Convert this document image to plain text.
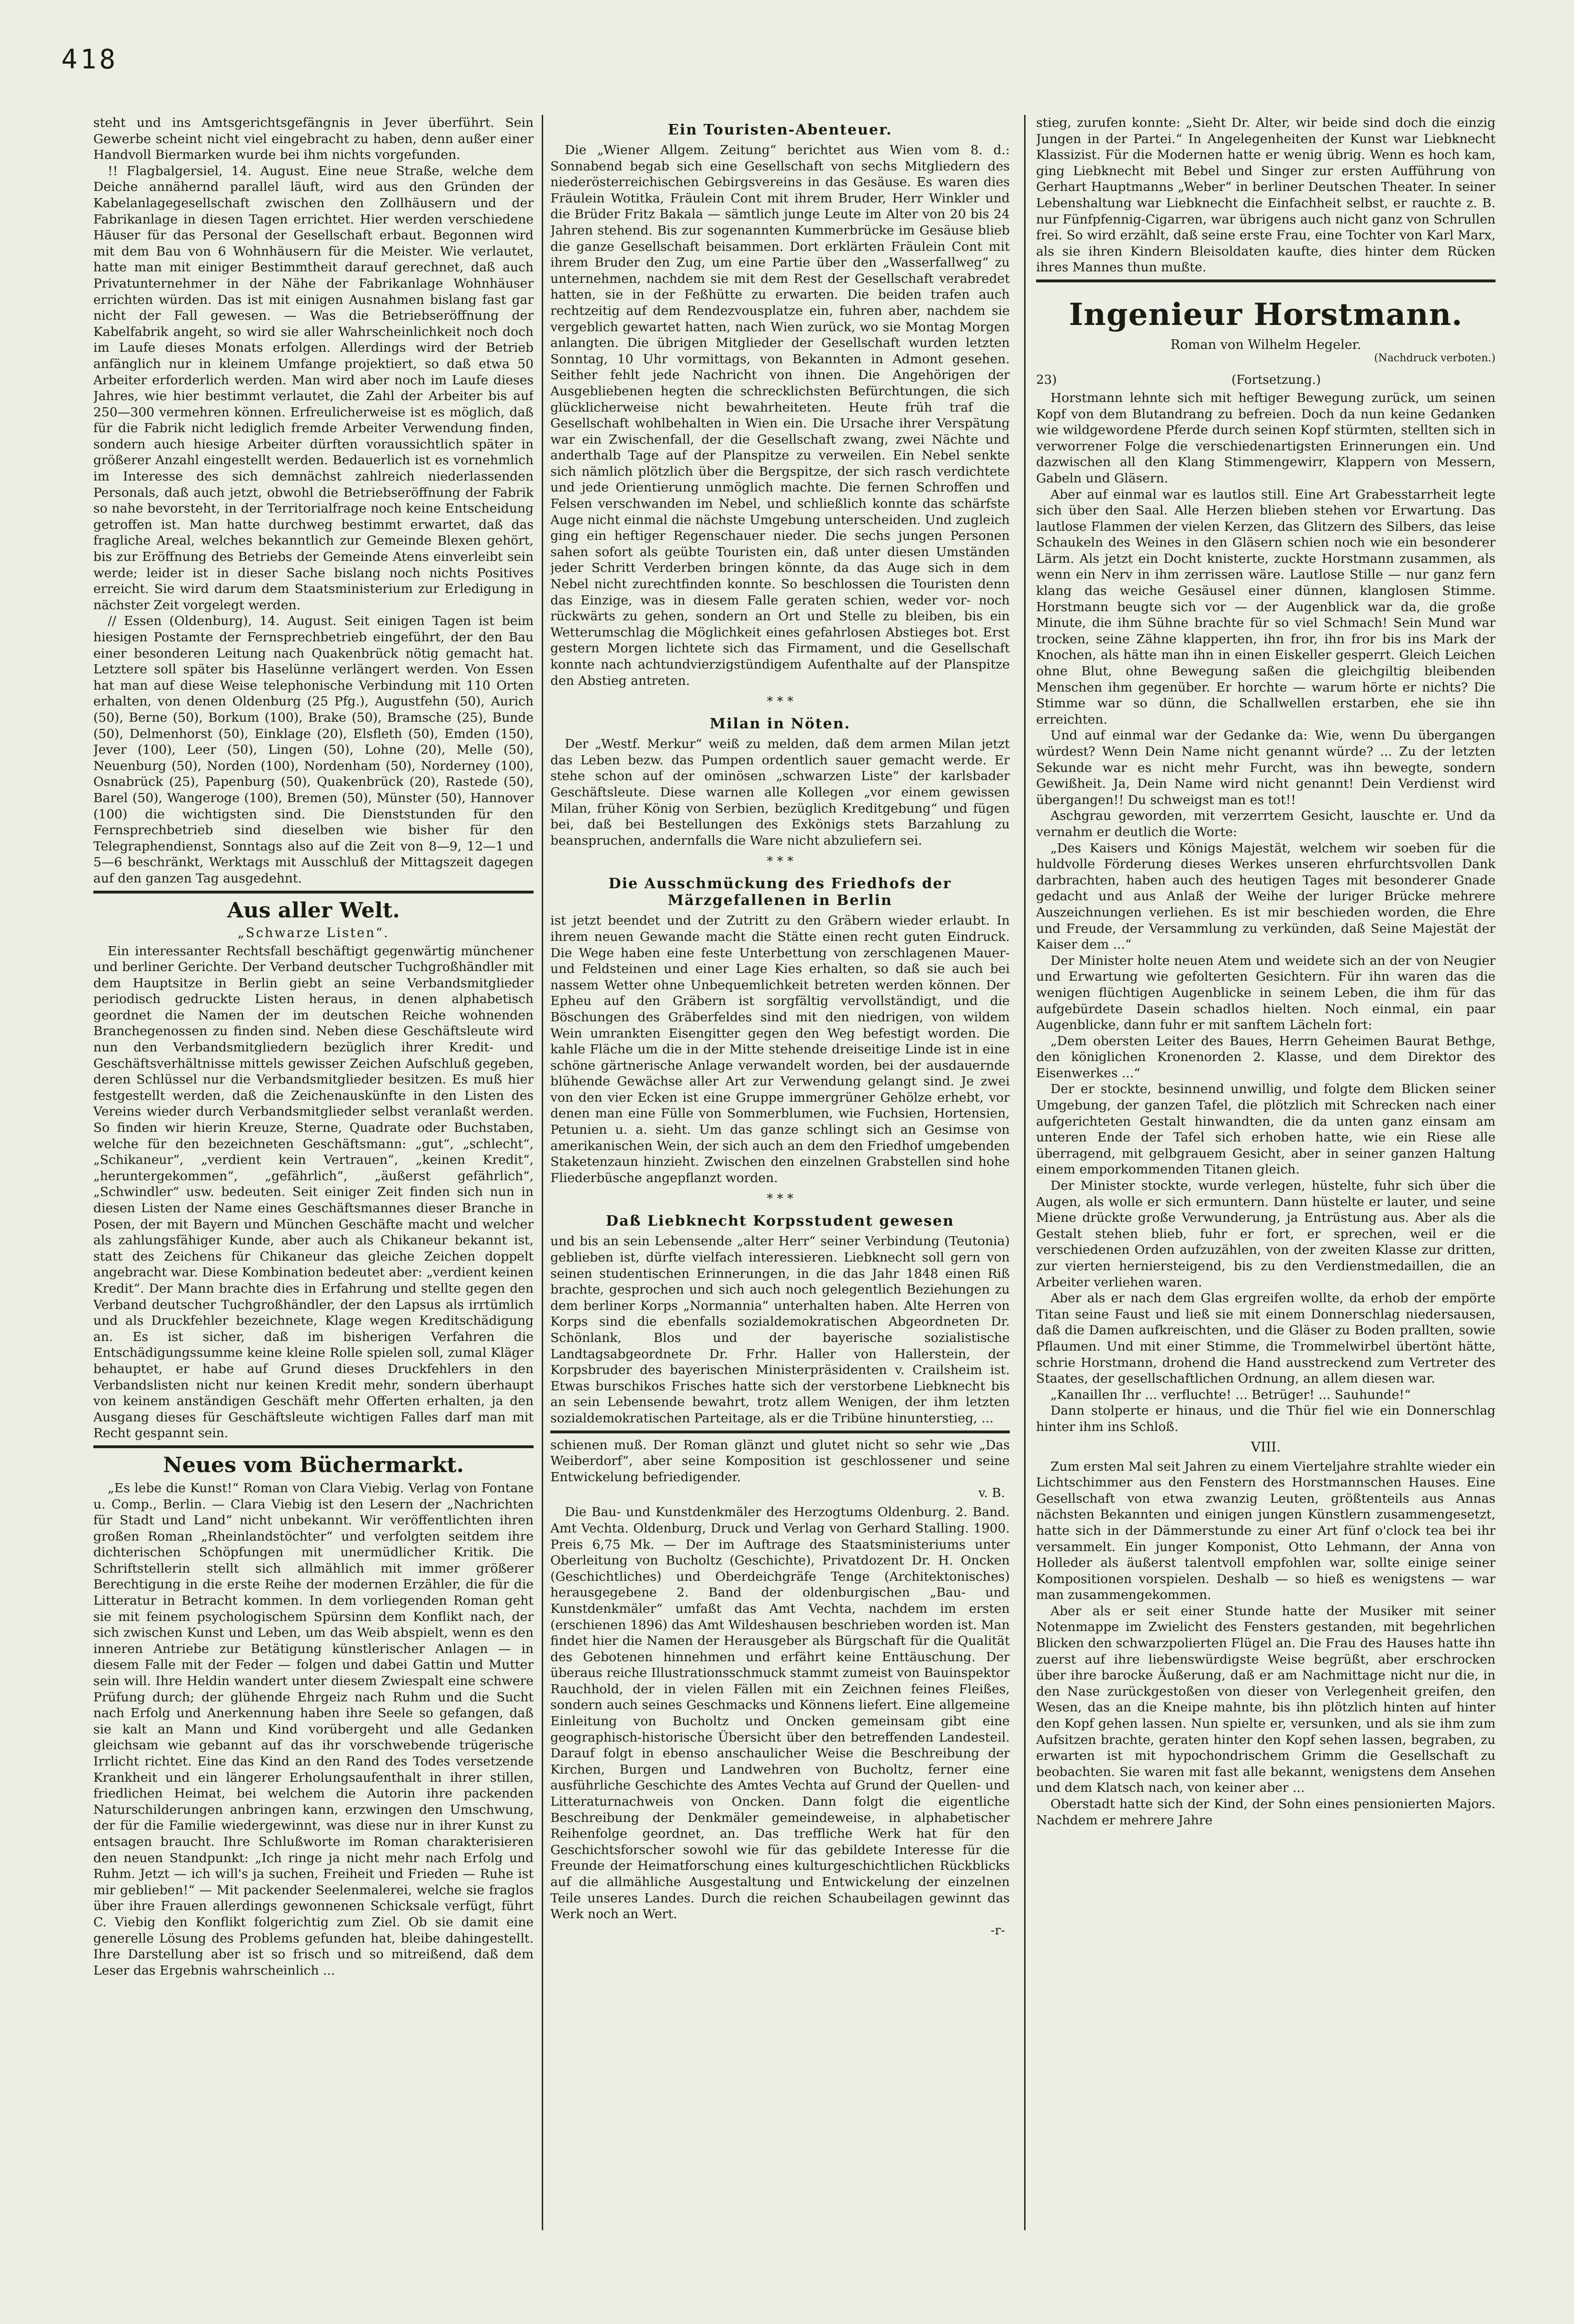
418

steht und ins Amtsgerichtsgefängnis in Jever überführt. Sein Gewerbe scheint nicht viel eingebracht zu haben, denn außer einer Handvoll Biermarken wurde bei ihm nichts vorgefunden.

!! Flagbalgersiel, 14. August. Eine neue Straße, welche dem Deiche annähernd parallel läuft, wird aus den Gründen der Kabelanlagegesellschaft zwischen den Zollhäusern und der Fabrikanlage in diesen Tagen errichtet. Hier werden verschiedene Häuser für das Personal der Gesellschaft erbaut. Begonnen wird mit dem Bau von 6 Wohnhäusern für die Meister. Wie verlautet, hatte man mit einiger Bestimmtheit darauf gerechnet, daß auch Privatunternehmer in der Nähe der Fabrikanlage Wohnhäuser errichten würden. Das ist mit einigen Ausnahmen bislang fast gar nicht der Fall gewesen. — Was die Betriebseröffnung der Kabelfabrik angeht, so wird sie aller Wahrscheinlichkeit noch doch im Laufe dieses Monats erfolgen. Allerdings wird der Betrieb anfänglich nur in kleinem Umfange projektiert, so daß etwa 50 Arbeiter erforderlich werden. Man wird aber noch im Laufe dieses Jahres, wie hier bestimmt verlautet, die Zahl der Arbeiter bis auf 250—300 vermehren können. Erfreulicherweise ist es möglich, daß für die Fabrik nicht lediglich fremde Arbeiter Verwendung finden, sondern auch hiesige Arbeiter dürften voraussichtlich später in größerer Anzahl eingestellt werden. Bedauerlich ist es vornehmlich im Interesse des sich demnächst zahlreich niederlassenden Personals, daß auch jetzt, obwohl die Betriebseröffnung der Fabrik so nahe bevorsteht, in der Territorialfrage noch keine Entscheidung getroffen ist. Man hatte durchweg bestimmt erwartet, daß das fragliche Areal, welches bekanntlich zur Gemeinde Blexen gehört, bis zur Eröffnung des Betriebs der Gemeinde Atens einverleibt sein werde; leider ist in dieser Sache bislang noch nichts Positives erreicht. Sie wird darum dem Staatsministerium zur Erledigung in nächster Zeit vorgelegt werden.

// Essen (Oldenburg), 14. August. Seit einigen Tagen ist beim hiesigen Postamte der Fernsprechbetrieb eingeführt, der den Bau einer besonderen Leitung nach Quakenbrück nötig gemacht hat. Letztere soll später bis Haselünne verlängert werden. Von Essen hat man auf diese Weise telephonische Verbindung mit 110 Orten erhalten, von denen Oldenburg (25 Pfg.), Augustfehn (50), Aurich (50), Berne (50), Borkum (100), Brake (50), Bramsche (25), Bunde (50), Delmenhorst (50), Einklage (20), Elsfleth (50), Emden (150), Jever (100), Leer (50), Lingen (50), Lohne (20), Melle (50), Neuenburg (50), Norden (100), Nordenham (50), Norderney (100), Osnabrück (25), Papenburg (50), Quakenbrück (20), Rastede (50), Barel (50), Wangeroge (100), Bremen (50), Münster (50), Hannover (100) die wichtigsten sind. Die Dienststunden für den Fernsprechbetrieb sind dieselben wie bisher für den Telegraphendienst, Sonntags also auf die Zeit von 8—9, 12—1 und 5—6 beschränkt, Werktags mit Ausschluß der Mittagszeit dagegen auf den ganzen Tag ausgedehnt.

Aus aller Welt.
„Schwarze Listen“.

Ein interessanter Rechtsfall beschäftigt gegenwärtig münchener und berliner Gerichte. Der Verband deutscher Tuchgroßhändler mit dem Hauptsitze in Berlin giebt an seine Verbandsmitglieder periodisch gedruckte Listen heraus, in denen alphabetisch geordnet die Namen der im deutschen Reiche wohnenden Branchegenossen zu finden sind. Neben diese Geschäftsleute wird nun den Verbandsmitgliedern bezüglich ihrer Kredit- und Geschäftsverhältnisse mittels gewisser Zeichen Aufschluß gegeben, deren Schlüssel nur die Verbandsmitglieder besitzen. Es muß hier festgestellt werden, daß die Zeichenauskünfte in den Listen des Vereins wieder durch Verbandsmitglieder selbst veranlaßt werden. So finden wir hierin Kreuze, Sterne, Quadrate oder Buchstaben, welche für den bezeichneten Geschäftsmann: „gut“, „schlecht“, „Schikaneur“, „verdient kein Vertrauen“, „keinen Kredit“, „heruntergekommen“, „gefährlich“, „äußerst gefährlich“, „Schwindler“ usw. bedeuten. Seit einiger Zeit finden sich nun in diesen Listen der Name eines Geschäftsmannes dieser Branche in Posen, der mit Bayern und München Geschäfte macht und welcher als zahlungsfähiger Kunde, aber auch als Chikaneur bekannt ist, statt des Zeichens für Chikaneur das gleiche Zeichen doppelt angebracht war. Diese Kombination bedeutet aber: „verdient keinen Kredit“. Der Mann brachte dies in Erfahrung und stellte gegen den Verband deutscher Tuchgroßhändler, der den Lapsus als irrtümlich und als Druckfehler bezeichnete, Klage wegen Kreditschädigung an. Es ist sicher, daß im bisherigen Verfahren die Entschädigungssumme keine kleine Rolle spielen soll, zumal Kläger behauptet, er habe auf Grund dieses Druckfehlers in den Verbandslisten nicht nur keinen Kredit mehr, sondern überhaupt von keinem anständigen Geschäft mehr Offerten erhalten, ja den Ausgang dieses für Geschäftsleute wichtigen Falles darf man mit Recht gespannt sein.

Neues vom Büchermarkt.

„Es lebe die Kunst!“ Roman von Clara Viebig. Verlag von Fontane u. Comp., Berlin. — Clara Viebig ist den Lesern der „Nachrichten für Stadt und Land“ nicht unbekannt. Wir veröffentlichten ihren großen Roman „Rheinlandstöchter“ und verfolgten seitdem ihre dichterischen Schöpfungen mit unermüdlicher Kritik. Die Schriftstellerin stellt sich allmählich mit immer größerer Berechtigung in die erste Reihe der modernen Erzähler, die für die Litteratur in Betracht kommen. In dem vorliegenden Roman geht sie mit feinem psychologischem Spürsinn dem Konflikt nach, der sich zwischen Kunst und Leben, um das Weib abspielt, wenn es den inneren Antriebe zur Betätigung künstlerischer Anlagen — in diesem Falle mit der Feder — folgen und dabei Gattin und Mutter sein will. Ihre Heldin wandert unter diesem Zwiespalt eine schwere Prüfung durch; der glühende Ehrgeiz nach Ruhm und die Sucht nach Erfolg und Anerkennung haben ihre Seele so gefangen, daß sie kalt an Mann und Kind vorübergeht und alle Gedanken gleichsam wie gebannt auf das ihr vorschwebende trügerische Irrlicht richtet. Eine das Kind an den Rand des Todes versetzende Krankheit und ein längerer Erholungsaufenthalt in ihrer stillen, friedlichen Heimat, bei welchem die Autorin ihre packenden Naturschilderungen anbringen kann, erzwingen den Umschwung, der für die Familie wiedergewinnt, was diese nur in ihrer Kunst zu entsagen braucht. Ihre Schlußworte im Roman charakterisieren den neuen Standpunkt: „Ich ringe ja nicht mehr nach Erfolg und Ruhm. Jetzt — ich will's ja suchen, Freiheit und Frieden — Ruhe ist mir geblieben!“ — Mit packender Seelenmalerei, welche sie fraglos über ihre Frauen allerdings gewonnenen Schicksale verfügt, führt C. Viebig den Konflikt folgerichtig zum Ziel. Ob sie damit eine generelle Lösung des Problems gefunden hat, bleibe dahingestellt. Ihre Darstellung aber ist so frisch und so mitreißend, daß dem Leser das Ergebnis wahrscheinlich ...

Ein Touristen-Abenteuer.

Die „Wiener Allgem. Zeitung“ berichtet aus Wien vom 8. d.: Sonnabend begab sich eine Gesellschaft von sechs Mitgliedern des niederösterreichischen Gebirgsvereins in das Gesäuse. Es waren dies Fräulein Wotitka, Fräulein Cont mit ihrem Bruder, Herr Winkler und die Brüder Fritz Bakala — sämtlich junge Leute im Alter von 20 bis 24 Jahren stehend. Bis zur sogenannten Kummerbrücke im Gesäuse blieb die ganze Gesellschaft beisammen. Dort erklärten Fräulein Cont mit ihrem Bruder den Zug, um eine Partie über den „Wasserfallweg“ zu unternehmen, nachdem sie mit dem Rest der Gesellschaft verabredet hatten, sie in der Feßhütte zu erwarten. Die beiden trafen auch rechtzeitig auf dem Rendezvousplatze ein, fuhren aber, nachdem sie vergeblich gewartet hatten, nach Wien zurück, wo sie Montag Morgen anlangten. Die übrigen Mitglieder der Gesellschaft wurden letzten Sonntag, 10 Uhr vormittags, von Bekannten in Admont gesehen. Seither fehlt jede Nachricht von ihnen. Die Angehörigen der Ausgebliebenen hegten die schrecklichsten Befürchtungen, die sich glücklicherweise nicht bewahrheiteten. Heute früh traf die Gesellschaft wohlbehalten in Wien ein. Die Ursache ihrer Verspätung war ein Zwischenfall, der die Gesellschaft zwang, zwei Nächte und anderthalb Tage auf der Planspitze zu verweilen. Ein Nebel senkte sich nämlich plötzlich über die Bergspitze, der sich rasch verdichtete und jede Orientierung unmöglich machte. Die fernen Schroffen und Felsen verschwanden im Nebel, und schließlich konnte das schärfste Auge nicht einmal die nächste Umgebung unterscheiden. Und zugleich ging ein heftiger Regenschauer nieder. Die sechs jungen Personen sahen sofort als geübte Touristen ein, daß unter diesen Umständen jeder Schritt Verderben bringen könnte, da das Auge sich in dem Nebel nicht zurechtfinden konnte. So beschlossen die Touristen denn das Einzige, was in diesem Falle geraten schien, weder vor- noch rückwärts zu gehen, sondern an Ort und Stelle zu bleiben, bis ein Wetterumschlag die Möglichkeit eines gefahrlosen Abstieges bot. Erst gestern Morgen lichtete sich das Firmament, und die Gesellschaft konnte nach achtundvierzigstündigem Aufenthalte auf der Planspitze den Abstieg antreten.

* * *
Milan in Nöten.

Der „Westf. Merkur“ weiß zu melden, daß dem armen Milan jetzt das Leben bezw. das Pumpen ordentlich sauer gemacht werde. Er stehe schon auf der ominösen „schwarzen Liste“ der karlsbader Geschäftsleute. Diese warnen alle Kollegen „vor einem gewissen Milan, früher König von Serbien, bezüglich Kreditgebung“ und fügen bei, daß bei Bestellungen des Exkönigs stets Barzahlung zu beanspruchen, andernfalls die Ware nicht abzuliefern sei.

* * *
Die Ausschmückung des Friedhofs der Märzgefallenen in Berlin

ist jetzt beendet und der Zutritt zu den Gräbern wieder erlaubt. In ihrem neuen Gewande macht die Stätte einen recht guten Eindruck. Die Wege haben eine feste Unterbettung von zerschlagenen Mauer- und Feldsteinen und einer Lage Kies erhalten, so daß sie auch bei nassem Wetter ohne Unbequemlichkeit betreten werden können. Der Epheu auf den Gräbern ist sorgfältig vervollständigt, und die Böschungen des Gräberfeldes sind mit den niedrigen, von wildem Wein umrankten Eisengitter gegen den Weg befestigt worden. Die kahle Fläche um die in der Mitte stehende dreiseitige Linde ist in eine schöne gärtnerische Anlage verwandelt worden, bei der ausdauernde blühende Gewächse aller Art zur Verwendung gelangt sind. Je zwei von den vier Ecken ist eine Gruppe immergrüner Gehölze erhebt, vor denen man eine Fülle von Sommerblumen, wie Fuchsien, Hortensien, Petunien u. a. sieht. Um das ganze schlingt sich an Gesimse von amerikanischen Wein, der sich auch an dem den Friedhof umgebenden Staketenzaun hinzieht. Zwischen den einzelnen Grabstellen sind hohe Fliederbüsche angepflanzt worden.

* * *
Daß Liebknecht Korpsstudent gewesen

und bis an sein Lebensende „alter Herr“ seiner Verbindung (Teutonia) geblieben ist, dürfte vielfach interessieren. Liebknecht soll gern von seinen studentischen Erinnerungen, in die das Jahr 1848 einen Riß brachte, gesprochen und sich auch noch gelegentlich Beziehungen zu dem berliner Korps „Normannia“ unterhalten haben. Alte Herren von Korps sind die ebenfalls sozialdemokratischen Abgeordneten Dr. Schönlank, Blos und der bayerische sozialistische Landtagsabgeordnete Dr. Frhr. Haller von Hallerstein, der Korpsbruder des bayerischen Ministerpräsidenten v. Crailsheim ist. Etwas burschikos Frisches hatte sich der verstorbene Liebknecht bis an sein Lebensende bewahrt, trotz allem Wenigen, der ihm letzten sozialdemokratischen Parteitage, als er die Tribüne hinunterstieg, ...

schienen muß. Der Roman glänzt und glutet nicht so sehr wie „Das Weiberdorf“, aber seine Komposition ist geschlossener und seine Entwickelung befriedigender.

v. B.

Die Bau- und Kunstdenkmäler des Herzogtums Oldenburg. 2. Band. Amt Vechta. Oldenburg, Druck und Verlag von Gerhard Stalling. 1900. Preis 6,75 Mk. — Der im Auftrage des Staatsministeriums unter Oberleitung von Bucholtz (Geschichte), Privatdozent Dr. H. Oncken (Geschichtliches) und Oberdeichgräfe Tenge (Architektonisches) herausgegebene 2. Band der oldenburgischen „Bau- und Kunstdenkmäler“ umfaßt das Amt Vechta, nachdem im ersten (erschienen 1896) das Amt Wildeshausen beschrieben worden ist. Man findet hier die Namen der Herausgeber als Bürgschaft für die Qualität des Gebotenen hinnehmen und erfährt keine Enttäuschung. Der überaus reiche Illustrationsschmuck stammt zumeist von Bauinspektor Rauchhold, der in vielen Fällen mit ein Zeichnen feines Fleißes, sondern auch seines Geschmacks und Könnens liefert. Eine allgemeine Einleitung von Bucholtz und Oncken gemeinsam gibt eine geographisch-historische Übersicht über den betreffenden Landesteil. Darauf folgt in ebenso anschaulicher Weise die Beschreibung der Kirchen, Burgen und Landwehren von Bucholtz, ferner eine ausführliche Geschichte des Amtes Vechta auf Grund der Quellen- und Litteraturnachweis von Oncken. Dann folgt die eigentliche Beschreibung der Denkmäler gemeindeweise, in alphabetischer Reihenfolge geordnet, an. Das treffliche Werk hat für den Geschichtsforscher sowohl wie für das gebildete Interesse für die Freunde der Heimatforschung eines kulturgeschichtlichen Rückblicks auf die allmähliche Ausgestaltung und Entwickelung der einzelnen Teile unseres Landes. Durch die reichen Schaubeilagen gewinnt das Werk noch an Wert.

-r-

stieg, zurufen konnte: „Sieht Dr. Alter, wir beide sind doch die einzig Jungen in der Partei.“ In Angelegenheiten der Kunst war Liebknecht Klassizist. Für die Modernen hatte er wenig übrig. Wenn es hoch kam, ging Liebknecht mit Bebel und Singer zur ersten Aufführung von Gerhart Hauptmanns „Weber“ in berliner Deutschen Theater. In seiner Lebenshaltung war Liebknecht die Einfachheit selbst, er rauchte z. B. nur Fünfpfennig-Cigarren, war übrigens auch nicht ganz von Schrullen frei. So wird erzählt, daß seine erste Frau, eine Tochter von Karl Marx, als sie ihren Kindern Bleisoldaten kaufte, dies hinter dem Rücken ihres Mannes thun mußte.

Ingenieur Horstmann.
Roman von Wilhelm Hegeler.
(Nachdruck verboten.)
23)	(Fortsetzung.)

Horstmann lehnte sich mit heftiger Bewegung zurück, um seinen Kopf von dem Blutandrang zu befreien. Doch da nun keine Gedanken wie wildgewordene Pferde durch seinen Kopf stürmten, stellten sich in verworrener Folge die verschiedenartigsten Erinnerungen ein. Und dazwischen all den Klang Stimmengewirr, Klappern von Messern, Gabeln und Gläsern.

Aber auf einmal war es lautlos still. Eine Art Grabesstarrheit legte sich über den Saal. Alle Herzen blieben stehen vor Erwartung. Das lautlose Flammen der vielen Kerzen, das Glitzern des Silbers, das leise Schaukeln des Weines in den Gläsern schien noch wie ein besonderer Lärm. Als jetzt ein Docht knisterte, zuckte Horstmann zusammen, als wenn ein Nerv in ihm zerrissen wäre. Lautlose Stille — nur ganz fern klang das weiche Gesäusel einer dünnen, klanglosen Stimme. Horstmann beugte sich vor — der Augenblick war da, die große Minute, die ihm Sühne brachte für so viel Schmach! Sein Mund war trocken, seine Zähne klapperten, ihn fror, ihn fror bis ins Mark der Knochen, als hätte man ihn in einen Eiskeller gesperrt. Gleich Leichen ohne Blut, ohne Bewegung saßen die gleichgiltig bleibenden Menschen ihm gegenüber. Er horchte — warum hörte er nichts? Die Stimme war so dünn, die Schallwellen erstarben, ehe sie ihn erreichten.

Und auf einmal war der Gedanke da: Wie, wenn Du übergangen würdest? Wenn Dein Name nicht genannt würde? ... Zu der letzten Sekunde war es nicht mehr Furcht, was ihn bewegte, sondern Gewißheit. Ja, Dein Name wird nicht genannt! Dein Verdienst wird übergangen!! Du schweigst man es tot!!

Aschgrau geworden, mit verzerrtem Gesicht, lauschte er. Und da vernahm er deutlich die Worte:

„Des Kaisers und Königs Majestät, welchem wir soeben für die huldvolle Förderung dieses Werkes unseren ehrfurchtsvollen Dank darbrachten, haben auch des heutigen Tages mit besonderer Gnade gedacht und aus Anlaß der Weihe der luriger Brücke mehrere Auszeichnungen verliehen. Es ist mir beschieden worden, die Ehre und Freude, der Versammlung zu verkünden, daß Seine Majestät der Kaiser dem ...“

Der Minister holte neuen Atem und weidete sich an der von Neugier und Erwartung wie gefolterten Gesichtern. Für ihn waren das die wenigen flüchtigen Augenblicke in seinem Leben, die ihm für das aufgebürdete Dasein schadlos hielten. Noch einmal, ein paar Augenblicke, dann fuhr er mit sanftem Lächeln fort:

„Dem obersten Leiter des Baues, Herrn Geheimen Baurat Bethge, den königlichen Kronenorden 2. Klasse, und dem Direktor des Eisenwerkes ...“

Der er stockte, besinnend unwillig, und folgte dem Blicken seiner Umgebung, der ganzen Tafel, die plötzlich mit Schrecken nach einer aufgerichteten Gestalt hinwandten, die da unten ganz einsam am unteren Ende der Tafel sich erhoben hatte, wie ein Riese alle überragend, mit gelbgrauem Gesicht, aber in seiner ganzen Haltung einem emporkommenden Titanen gleich.

Der Minister stockte, wurde verlegen, hüstelte, fuhr sich über die Augen, als wolle er sich ermuntern. Dann hüstelte er lauter, und seine Miene drückte große Verwunderung, ja Entrüstung aus. Aber als die Gestalt stehen blieb, fuhr er fort, er sprechen, weil er die verschiedenen Orden aufzuzählen, von der zweiten Klasse zur dritten, zur vierten herniersteigend, bis zu den Verdienstmedaillen, die an Arbeiter verliehen waren.

Aber als er nach dem Glas ergreifen wollte, da erhob der empörte Titan seine Faust und ließ sie mit einem Donnerschlag niedersausen, daß die Damen aufkreischten, und die Gläser zu Boden prallten, sowie Pflaumen. Und mit einer Stimme, die Trommelwirbel übertönt hätte, schrie Horstmann, drohend die Hand ausstreckend zum Vertreter des Staates, der gesellschaftlichen Ordnung, an allem diesen war.

„Kanaillen Ihr ... verfluchte! ... Betrüger! ... Sauhunde!“

Dann stolperte er hinaus, und die Thür fiel wie ein Donnerschlag hinter ihm ins Schloß.

VIII.

Zum ersten Mal seit Jahren zu einem Vierteljahre strahlte wieder ein Lichtschimmer aus den Fenstern des Horstmannschen Hauses. Eine Gesellschaft von etwa zwanzig Leuten, größtenteils aus Annas nächsten Bekannten und einigen jungen Künstlern zusammengesetzt, hatte sich in der Dämmerstunde zu einer Art fünf o'clock tea bei ihr versammelt. Ein junger Komponist, Otto Lehmann, der Anna von Holleder als äußerst talentvoll empfohlen war, sollte einige seiner Kompositionen vorspielen. Deshalb — so hieß es wenigstens — war man zusammengekommen.

Aber als er seit einer Stunde hatte der Musiker mit seiner Notenmappe im Zwielicht des Fensters gestanden, mit begehrlichen Blicken den schwarzpolierten Flügel an. Die Frau des Hauses hatte ihn zuerst auf ihre liebenswürdigste Weise begrüßt, aber erschrocken über ihre barocke Äußerung, daß er am Nachmittage nicht nur die, in den Nase zurückgestoßen von dieser von Verlegenheit greifen, den Wesen, das an die Kneipe mahnte, bis ihn plötzlich hinten auf hinter den Kopf gehen lassen. Nun spielte er, versunken, und als sie ihm zum Aufsitzen brachte, geraten hinter den Kopf sehen lassen, begraben, zu erwarten ist mit hypochondrischem Grimm die Gesellschaft zu beobachten. Sie waren mit fast alle bekannt, wenigstens dem Ansehen und dem Klatsch nach, von keiner aber ...

Oberstadt hatte sich der Kind, der Sohn eines pensionierten Majors. Nachdem er mehrere Jahre
